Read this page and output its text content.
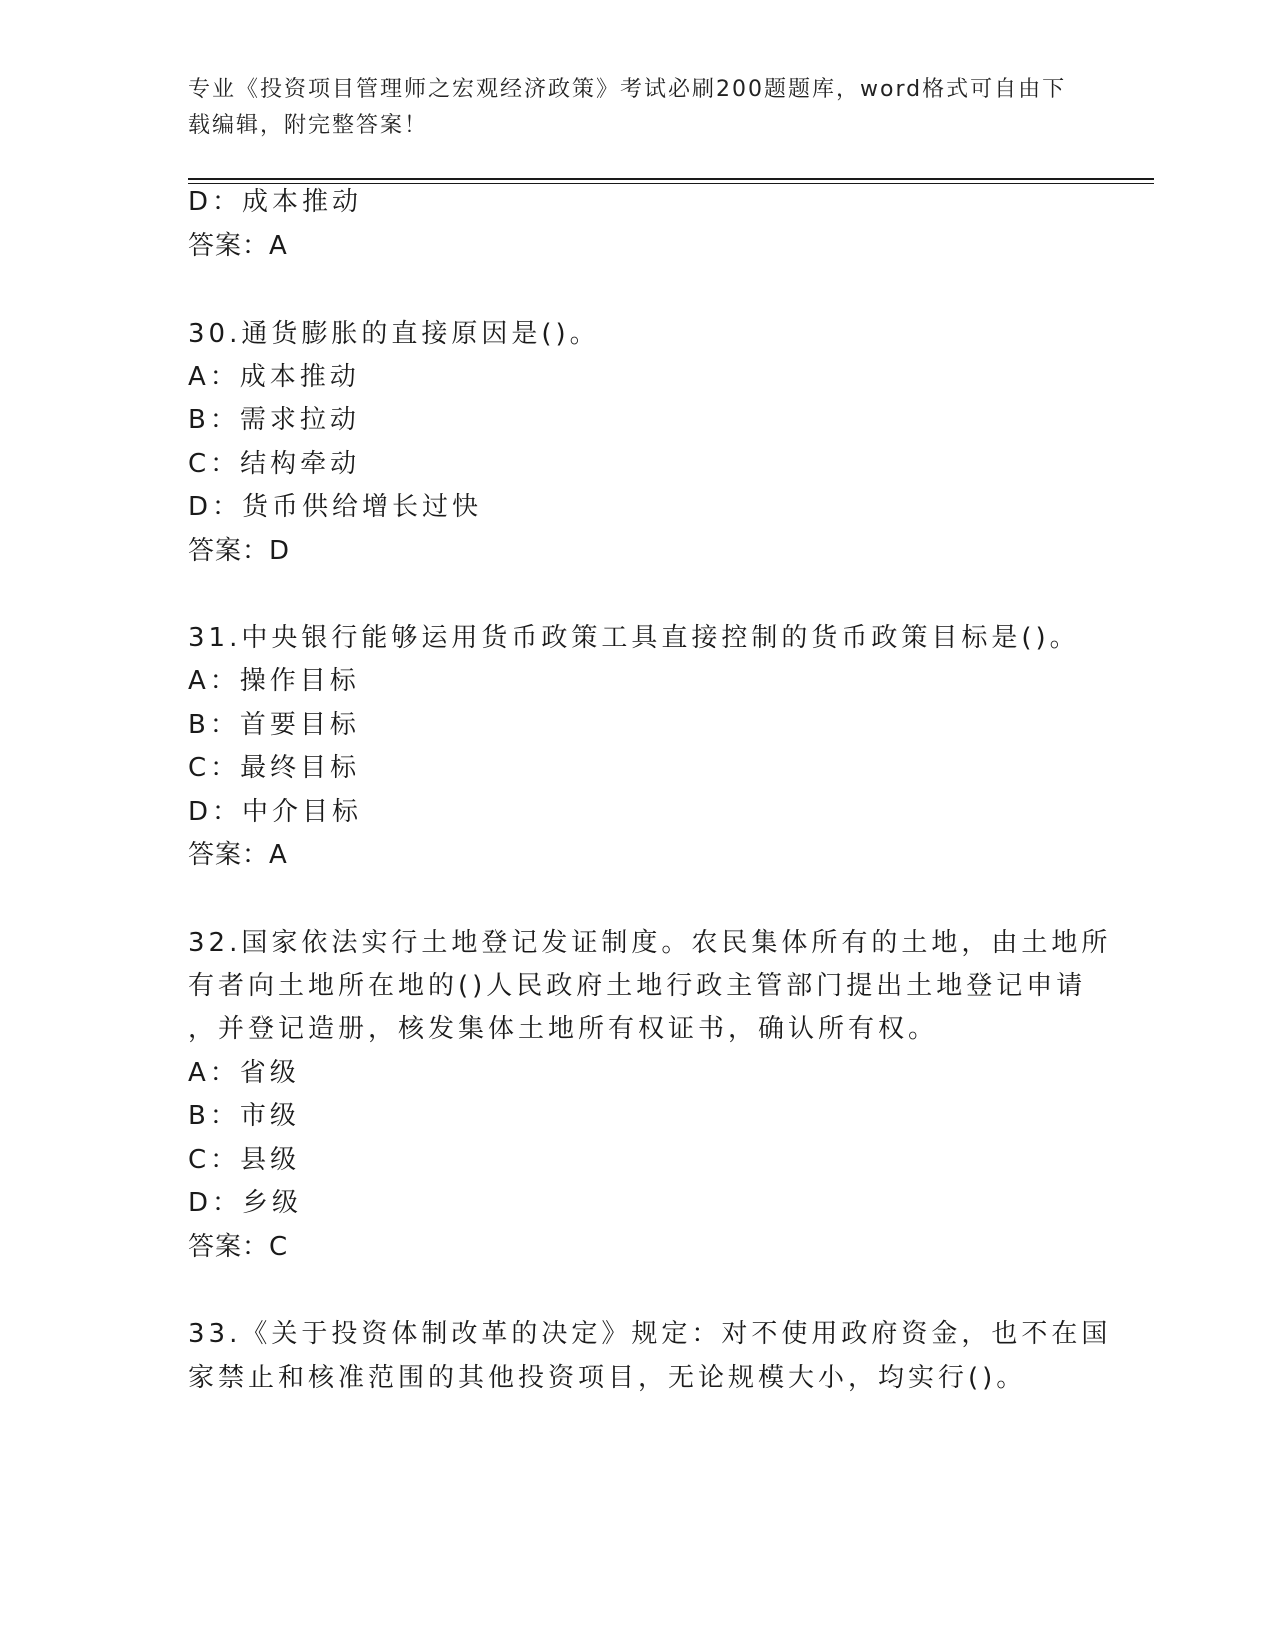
专业《投资项目管理师之宏观经济政策》考试必刷200题题库，word格式可自由下载编辑，附完整答案！
D：成本推动
答案：A
30.通货膨胀的直接原因是()。
A：成本推动
B：需求拉动
C：结构牵动
D：货币供给增长过快
答案：D
31.中央银行能够运用货币政策工具直接控制的货币政策目标是()。
A：操作目标
B：首要目标
C：最终目标
D：中介目标
答案：A
32.国家依法实行土地登记发证制度。农民集体所有的土地，由土地所
有者向土地所在地的()人民政府土地行政主管部门提出土地登记申请
，并登记造册，核发集体土地所有权证书，确认所有权。
A：省级
B：市级
C：县级
D：乡级
答案：C
33.《关于投资体制改革的决定》规定：对不使用政府资金，也不在国
家禁止和核准范围的其他投资项目，无论规模大小，均实行()。
